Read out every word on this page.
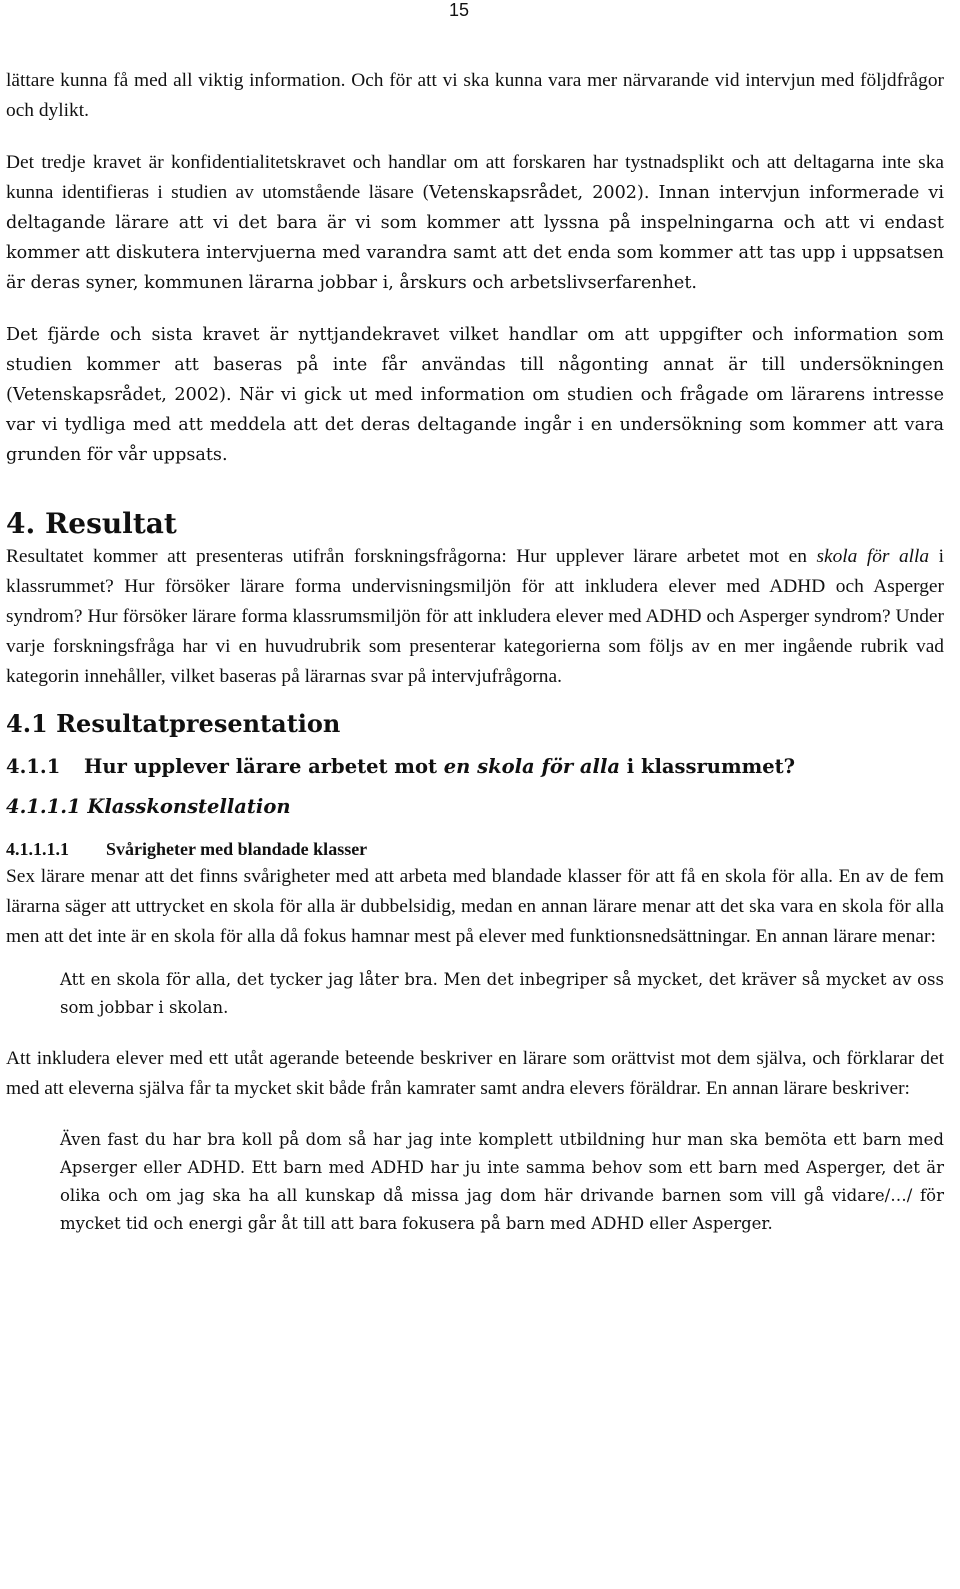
15

lättare kunna få med all viktig information. Och för att vi ska kunna vara mer närvarande vid intervjun med följdfrågor och dylikt.

Det tredje kravet är konfidentialitetskravet och handlar om att forskaren har tystnadsplikt och att deltagarna inte ska kunna identifieras i studien av utomstående läsare (Vetenskapsrådet, 2002). Innan intervjun informerade vi deltagande lärare att vi det bara är vi som kommer att lyssna på inspelningarna och att vi endast kommer att diskutera intervjuerna med varandra samt att det enda som kommer att tas upp i uppsatsen är deras syner, kommunen lärarna jobbar i, årskurs och arbetslivserfarenhet.

Det fjärde och sista kravet är nyttjandekravet vilket handlar om att uppgifter och information som studien kommer att baseras på inte får användas till någonting annat är till undersökningen (Vetenskapsrådet, 2002). När vi gick ut med information om studien och frågade om lärarens intresse var vi tydliga med att meddela att det deras deltagande ingår i en undersökning som kommer att vara grunden för vår uppsats.

4. Resultat

Resultatet kommer att presenteras utifrån forskningsfrågorna: Hur upplever lärare arbetet mot en skola för alla i klassrummet? Hur försöker lärare forma undervisningsmiljön för att inkludera elever med ADHD och Asperger syndrom? Hur försöker lärare forma klassrumsmiljön för att inkludera elever med ADHD och Asperger syndrom? Under varje forskningsfråga har vi en huvudrubrik som presenterar kategorierna som följs av en mer ingående rubrik vad kategorin innehåller, vilket baseras på lärarnas svar på intervjufrågorna.

4.1 Resultatpresentation
4.1.1 Hur upplever lärare arbetet mot en skola för alla i klassrummet?
4.1.1.1 Klasskonstellation
4.1.1.1.1 Svårigheter med blandade klasser

Sex lärare menar att det finns svårigheter med att arbeta med blandade klasser för att få en skola för alla. En av de fem lärarna säger att uttrycket en skola för alla är dubbelsidig, medan en annan lärare menar att det ska vara en skola för alla men att det inte är en skola för alla då fokus hamnar mest på elever med funktionsnedsättningar. En annan lärare menar:

Att en skola för alla, det tycker jag låter bra. Men det inbegriper så mycket, det kräver så mycket av oss som jobbar i skolan.

Att inkludera elever med ett utåt agerande beteende beskriver en lärare som orättvist mot dem själva, och förklarar det med att eleverna själva får ta mycket skit både från kamrater samt andra elevers föräldrar. En annan lärare beskriver:

Även fast du har bra koll på dom så har jag inte komplett utbildning hur man ska bemöta ett barn med Apserger eller ADHD. Ett barn med ADHD har ju inte samma behov som ett barn med Asperger, det är olika och om jag ska ha all kunskap då missa jag dom här drivande barnen som vill gå vidare/…/ för mycket tid och energi går åt till att bara fokusera på barn med ADHD eller Asperger.
